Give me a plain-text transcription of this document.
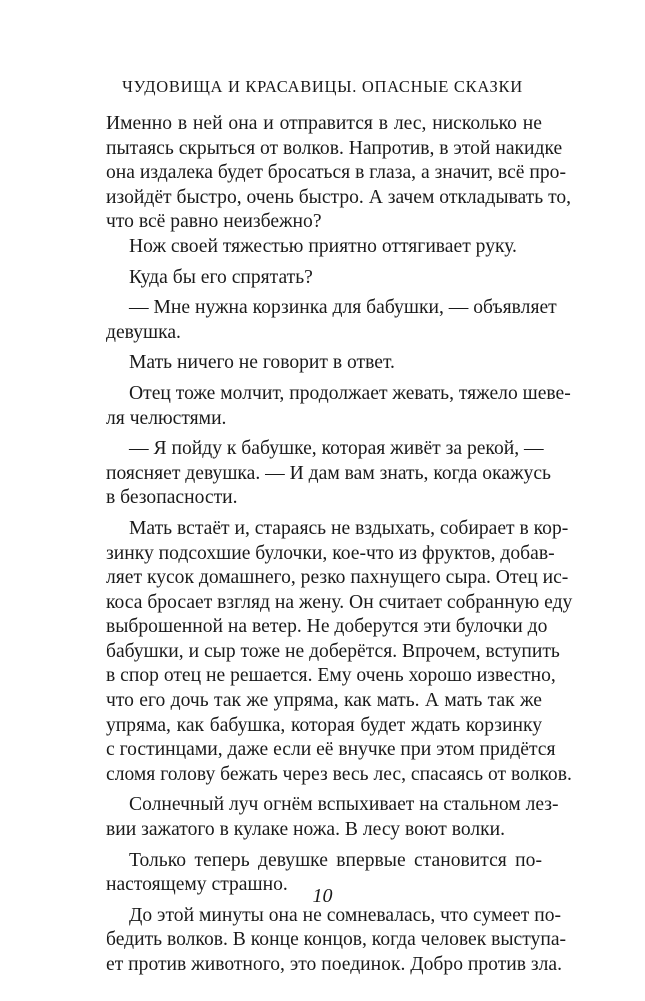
ЧУДОВИЩА И КРАСАВИЦЫ. ОПАСНЫЕ СКАЗКИ
Именно в ней она и отправится в лес, нисколько не
пытаясь скрыться от волков. Напротив, в этой накидке
она издалека будет бросаться в глаза, а значит, всё про-
изойдёт быстро, очень быстро. А зачем откладывать то,
что всё равно неизбежно?
Нож своей тяжестью приятно оттягивает руку.
Куда бы его спрятать?
— Мне нужна корзинка для бабушки, — объявляет
девушка.
Мать ничего не говорит в ответ.
Отец тоже молчит, продолжает жевать, тяжело шеве-
ля челюстями.
— Я пойду к бабушке, которая живёт за рекой, —
поясняет девушка. — И дам вам знать, когда окажусь
в безопасности.
Мать встаёт и, стараясь не вздыхать, собирает в кор-
зинку подсохшие булочки, кое-что из фруктов, добав-
ляет кусок домашнего, резко пахнущего сыра. Отец ис-
коса бросает взгляд на жену. Он считает собранную еду
выброшенной на ветер. Не доберутся эти булочки до
бабушки, и сыр тоже не доберётся. Впрочем, вступить
в спор отец не решается. Ему очень хорошо известно,
что его дочь так же упряма, как мать. А мать так же
упряма, как бабушка, которая будет ждать корзинку
с гостинцами, даже если её внучке при этом придётся
сломя голову бежать через весь лес, спасаясь от волков.
Солнечный луч огнём вспыхивает на стальном лез-
вии зажатого в кулаке ножа. В лесу воют волки.
Только теперь девушке впервые становится по-
настоящему страшно.
До этой минуты она не сомневалась, что сумеет по-
бедить волков. В конце концов, когда человек выступа-
ет против животного, это поединок. Добро против зла.
10
